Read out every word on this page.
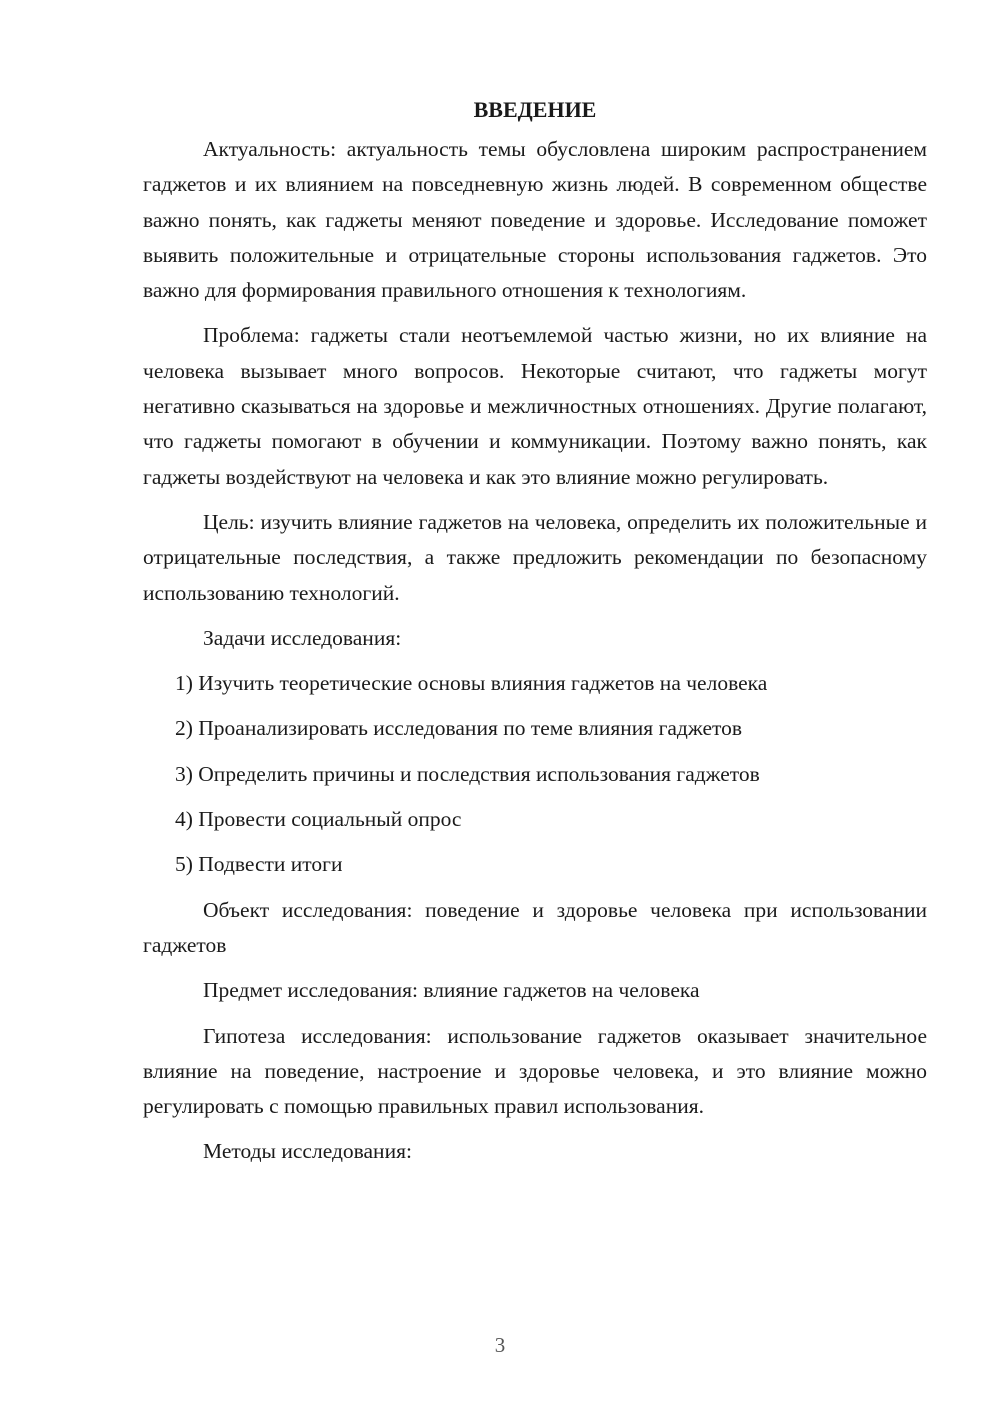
ВВЕДЕНИЕ

Актуальность: актуальность темы обусловлена широким распространением гаджетов и их влиянием на повседневную жизнь людей. В современном обществе важно понять, как гаджеты меняют поведение и здоровье. Исследование поможет выявить положительные и отрицательные стороны использования гаджетов. Это важно для формирования правильного отношения к технологиям.

Проблема: гаджеты стали неотъемлемой частью жизни, но их влияние на человека вызывает много вопросов. Некоторые считают, что гаджеты могут негативно сказываться на здоровье и межличностных отношениях. Другие полагают, что гаджеты помогают в обучении и коммуникации. Поэтому важно понять, как гаджеты воздействуют на человека и как это влияние можно регулировать.

Цель: изучить влияние гаджетов на человека, определить их положительные и отрицательные последствия, а также предложить рекомендации по безопасному использованию технологий.

Задачи исследования:

1) Изучить теоретические основы влияния гаджетов на человека
2) Проанализировать исследования по теме влияния гаджетов
3) Определить причины и последствия использования гаджетов
4) Провести социальный опрос
5) Подвести итоги

Объект исследования: поведение и здоровье человека при использовании гаджетов

Предмет исследования: влияние гаджетов на человека

Гипотеза исследования: использование гаджетов оказывает значительное влияние на поведение, настроение и здоровье человека, и это влияние можно регулировать с помощью правильных правил использования.

Методы исследования:

3
